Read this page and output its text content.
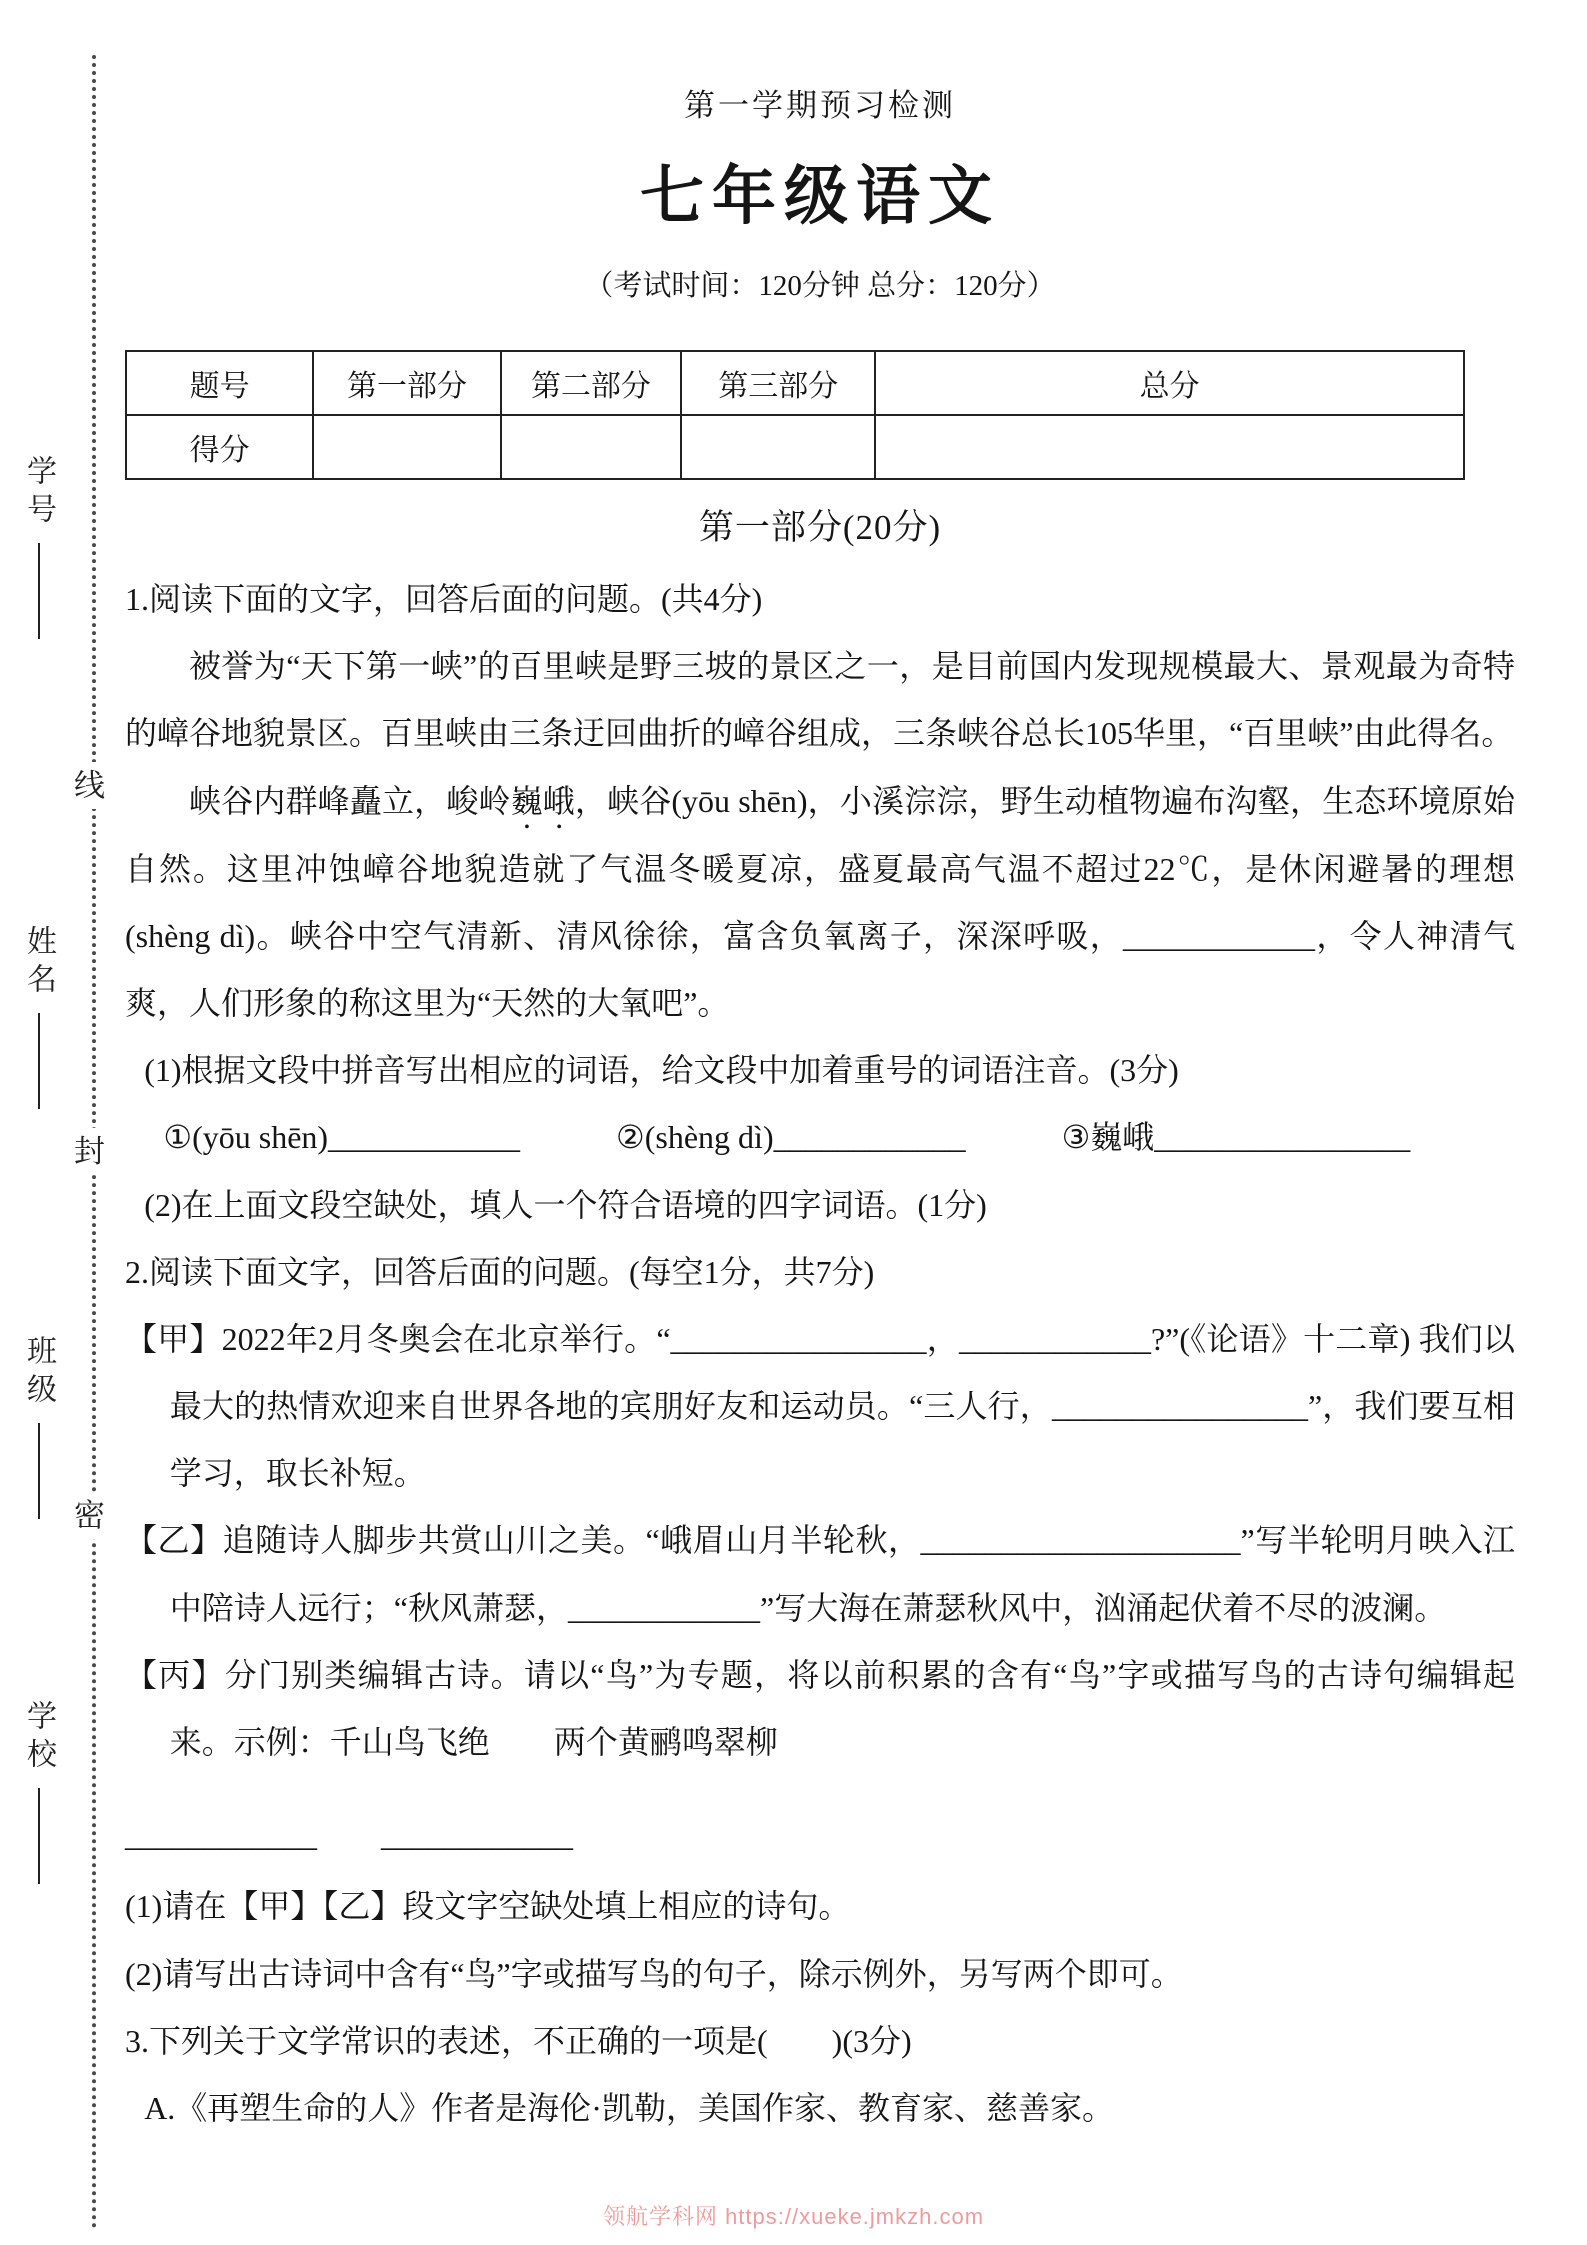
线
封
密
学号
姓名
班级
学校
第一学期预习检测
七年级语文
（考试时间：120分钟 总分：120分）
题号	第一部分	第二部分	第三部分	总分
得分				
第一部分(20分)

1.阅读下面的文字，回答后面的问题。(共4分)

被誉为“天下第一峡”的百里峡是野三坡的景区之一，是目前国内发现规模最大、景观最为奇特的嶂谷地貌景区。百里峡由三条迂回曲折的嶂谷组成，三条峡谷总长105华里，“百里峡”由此得名。

峡谷内群峰矗立，峻岭巍峨，峡谷(yōu shēn)，小溪淙淙，野生动植物遍布沟壑，生态环境原始自然。这里冲蚀嶂谷地貌造就了气温冬暖夏凉，盛夏最高气温不超过22℃，是休闲避暑的理想(shèng dì)。峡谷中空气清新、清风徐徐，富含负氧离子，深深呼吸，____________，令人神清气爽，人们形象的称这里为“天然的大氧吧”。

(1)根据文段中拼音写出相应的词语，给文段中加着重号的词语注音。(3分)

①(yōu shēn)____________　　　②(shèng dì)____________　　　③巍峨________________

(2)在上面文段空缺处，填人一个符合语境的四字词语。(1分)

2.阅读下面文字，回答后面的问题。(每空1分，共7分)

【甲】2022年2月冬奥会在北京举行。“________________，____________?”(《论语》十二章) 我们以最大的热情欢迎来自世界各地的宾朋好友和运动员。“三人行，________________”，我们要互相学习，取长补短。

【乙】追随诗人脚步共赏山川之美。“峨眉山月半轮秋，____________________”写半轮明月映入江中陪诗人远行；“秋风萧瑟，____________”写大海在萧瑟秋风中，汹涌起伏着不尽的波澜。

【丙】分门别类编辑古诗。请以“鸟”为专题，将以前积累的含有“鸟”字或描写鸟的古诗句编辑起来。示例：千山鸟飞绝　　两个黄鹂鸣翠柳

____________　　____________

(1)请在【甲】【乙】段文字空缺处填上相应的诗句。

(2)请写出古诗词中含有“鸟”字或描写鸟的句子，除示例外，另写两个即可。

3.下列关于文学常识的表述，不正确的一项是(　　)(3分)

A.《再塑生命的人》作者是海伦·凯勒，美国作家、教育家、慈善家。

领航学科网 https://xueke.jmkzh.com
